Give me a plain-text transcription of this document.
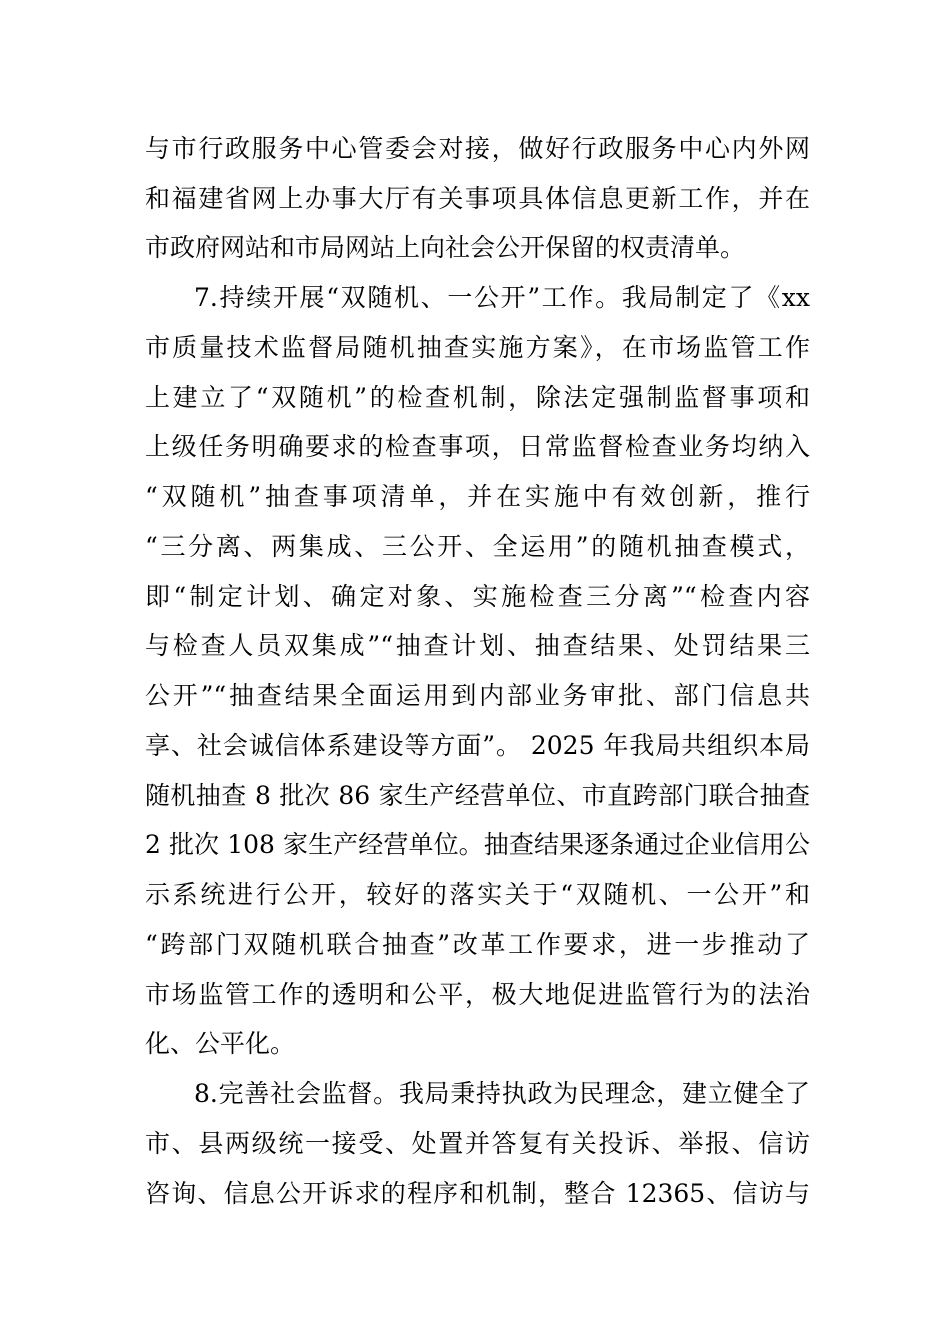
与市行政服务中心管委会对接，做好行政服务中心内外网
和福建省网上办事大厅有关事项具体信息更新工作，并在
市政府网站和市局网站上向社会公开保留的权责清单。
7.持续开展“双随机、一公开”工作。我局制定了《xx
市质量技术监督局随机抽查实施方案》，在市场监管工作
上建立了“双随机”的检查机制，除法定强制监督事项和
上级任务明确要求的检查事项，日常监督检查业务均纳入
“双随机”抽查事项清单，并在实施中有效创新，推行
“三分离、两集成、三公开、全运用”的随机抽查模式，
即“制定计划、确定对象、实施检查三分离”“检查内容
与检查人员双集成”“抽查计划、抽查结果、处罚结果三
公开”“抽查结果全面运用到内部业务审批、部门信息共
享、社会诚信体系建设等方面”。 2025 年我局共组织本局
随机抽查 8 批次 86 家生产经营单位、市直跨部门联合抽查
2 批次 108 家生产经营单位。抽查结果逐条通过企业信用公
示系统进行公开，较好的落实关于“双随机、一公开”和
“跨部门双随机联合抽查”改革工作要求，进一步推动了
市场监管工作的透明和公平，极大地促进监管行为的法治
化、公平化。
8.完善社会监督。我局秉持执政为民理念，建立健全了
市、县两级统一接受、处置并答复有关投诉、举报、信访
咨询、信息公开诉求的程序和机制，整合 12365、信访与
